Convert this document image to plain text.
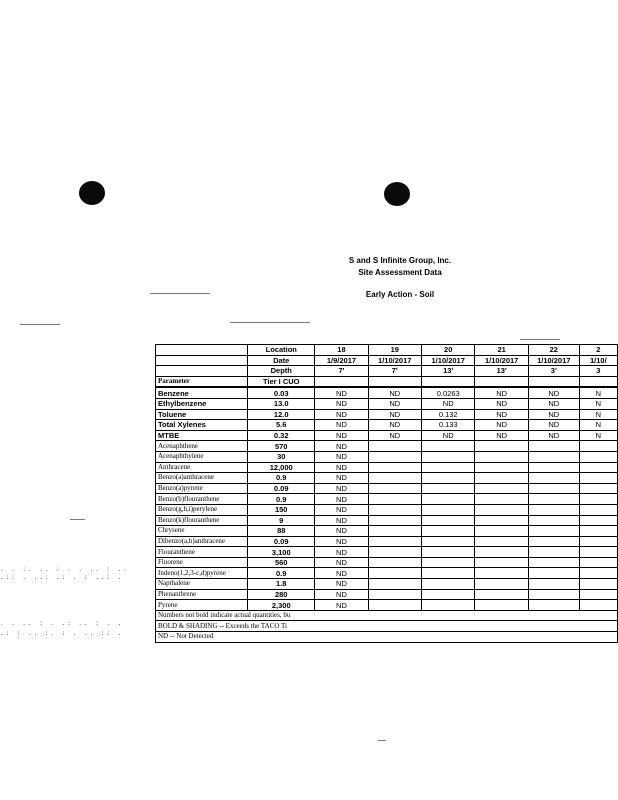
S and S Infinite Group, Inc.
Site Assessment Data
Early Action - Soil
. . :. .. : . . .. : ..
.:: . ..: .: . : ..: .
. . .. : . .: .. : . .
.: : .. :. : . .. :: .
	Location	18	19	20	21	22	2
	Date	1/9/2017	1/10/2017	1/10/2017	1/10/2017	1/10/2017	1/10/
	Depth	7'	7'	13'	13'	3'	3
Parameter	Tier I CUO						
Benzene	0.03	ND	ND	0.0263	ND	ND	N
Ethylbenzene	13.0	ND	ND	ND	ND	ND	N
Toluene	12.0	ND	ND	0.132	ND	ND	N
Total Xylenes	5.6	ND	ND	0.133	ND	ND	N
MTBE	0.32	ND	ND	ND	ND	ND	N
Acenaphthene	570	ND					
Acenaphthylene	30	ND					
Anthracene	12,000	ND					
Benzo(a)anthracene	0.9	ND					
Benzo(a)pyrene	0.09	ND					
Benzo(b)flouranthene	0.9	ND					
Benzo(g,h,i)perylene	150	ND					
Benzo(k)flouranthene	9	ND					
Chrysene	88	ND					
Dibenzo(a,h)anthracene	0.09	ND					
Flouranthene	3,100	ND					
Fluorene	560	ND					
Indeno(1,2,3-c,d)pyrene	0.9	ND					
Napthalene	1.8	ND					
Phenanthrene	280	ND					
Pyrene	2,300	ND					
Numbers not bold indicate actual quantities, bu							
BOLD & SHADING -- Exceeds the TACO Ti							
ND -- Not Detected							
